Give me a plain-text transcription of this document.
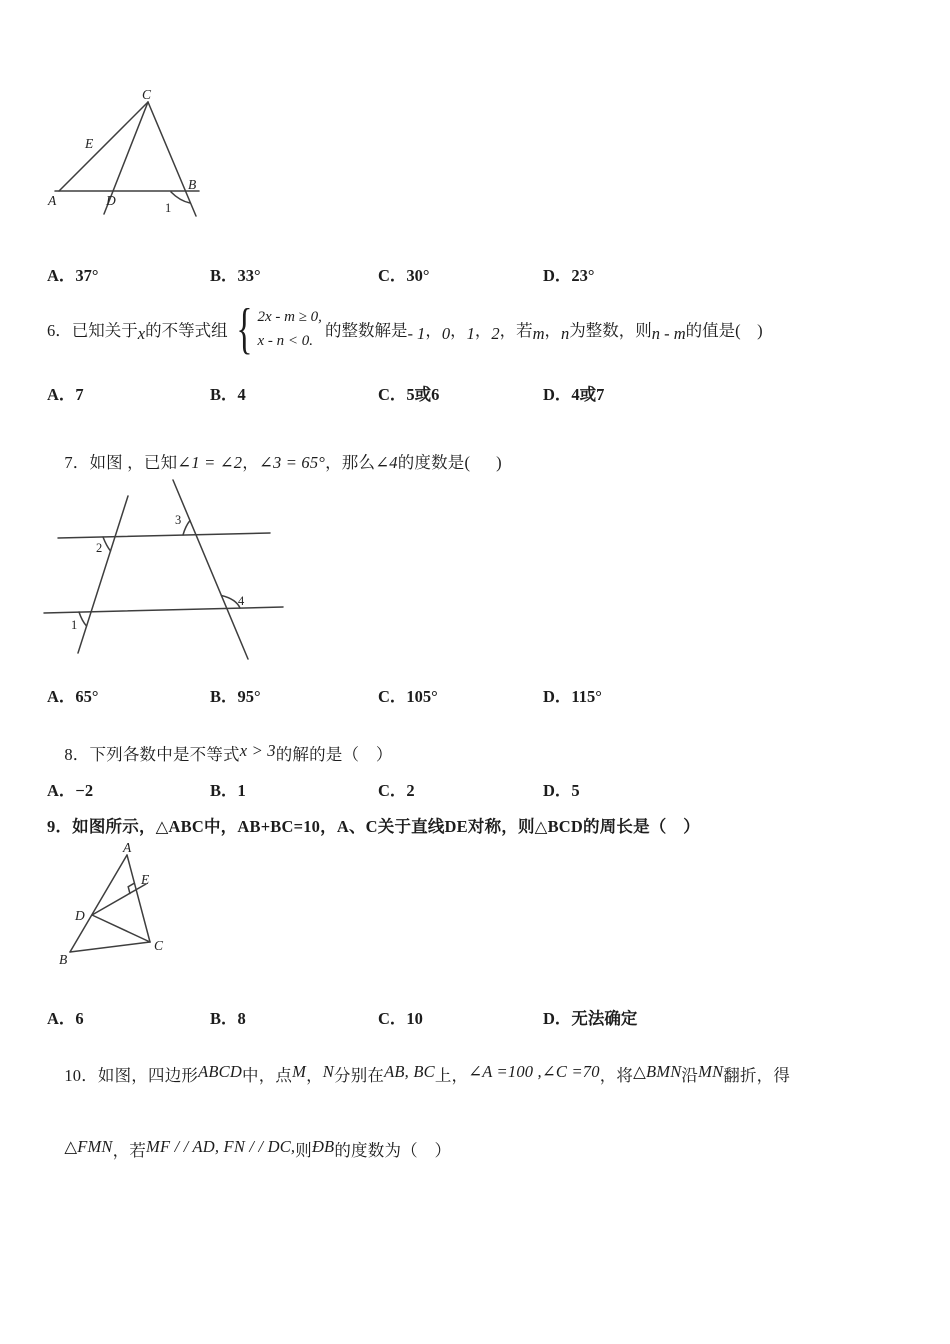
C
E
A	D
B
1
A．37°	B．33°	C．30°	D．23°
6．已知关于 x 的不等式组 { 2x - m ≥ 0,
x - n < 0.
的整数解是 - 1 ， 0 ， 1 ， 2 ，若 m ， n 为整数，则 n - m 的值是(　)
A．7	B．4	C．5或6	D．4或7

7．如图 ，已知∠1 = ∠2，∠3 = 65°，那么∠4的度数是(      )

3
2
4
1
A．65°	B．95°	C．105°	D．115°

8．下列各数中是不等式x > 3的解的是（　）

A．−2	B．1	C．2	D．5
9．如图所示，△ABC中，AB+BC=10，A、C关于直线DE对称，则△BCD的周长是（　）
A
B
C
D
E
A．6	B．8	C．10	D．无法确定

10．如图，四边形ABCD中，点M，N分别在AB, BC上，∠A =100 ,∠C =70，将△BMN沿MN翻折，得

△FMN，若MF / / AD, FN / / DC,则ÐB的度数为（　）
